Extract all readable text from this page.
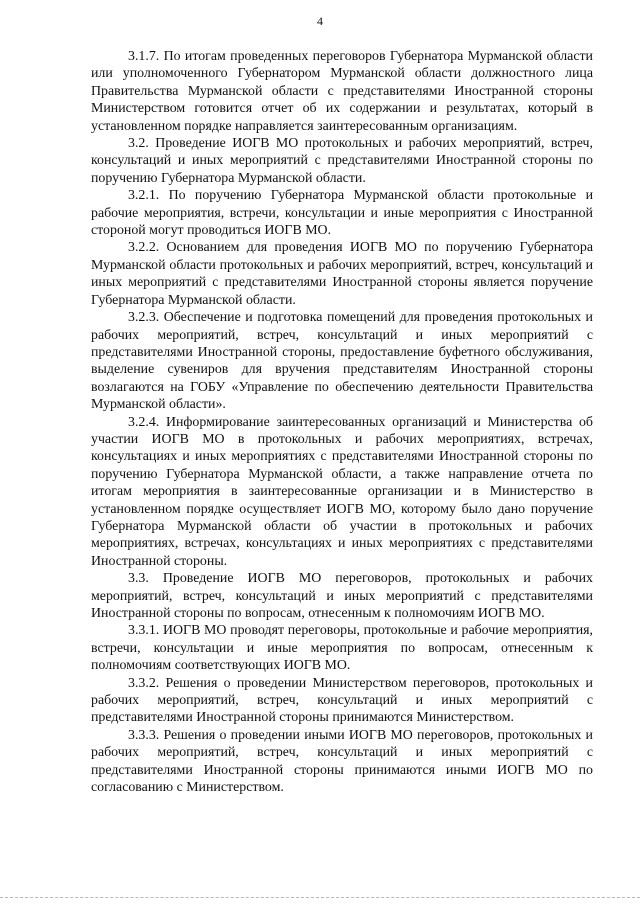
4

3.1.7. По итогам проведенных переговоров Губернатора Мурманской области или уполномоченного Губернатором Мурманской области должностного лица Правительства Мурманской области с представителями Иностранной стороны Министерством готовится отчет об их содержании и результатах, который в установленном порядке направляется заинтересованным организациям.

3.2. Проведение ИОГВ МО протокольных и рабочих мероприятий, встреч, консультаций и иных мероприятий с представителями Иностранной стороны по поручению Губернатора Мурманской области.

3.2.1. По поручению Губернатора Мурманской области протокольные и рабочие мероприятия, встречи, консультации и иные мероприятия с Иностранной стороной могут проводиться ИОГВ МО.

3.2.2. Основанием для проведения ИОГВ МО по поручению Губернатора Мурманской области протокольных и рабочих мероприятий, встреч, консультаций и иных мероприятий с представителями Иностранной стороны является поручение Губернатора Мурманской области.

3.2.3. Обеспечение и подготовка помещений для проведения протокольных и рабочих мероприятий, встреч, консультаций и иных мероприятий с представителями Иностранной стороны, предоставление буфетного обслуживания, выделение сувениров для вручения представителям Иностранной стороны возлагаются на ГОБУ «Управление по обеспечению деятельности Правительства Мурманской области».

3.2.4. Информирование заинтересованных организаций и Министерства об участии ИОГВ МО в протокольных и рабочих мероприятиях, встречах, консультациях и иных мероприятиях с представителями Иностранной стороны по поручению Губернатора Мурманской области, а также направление отчета по итогам мероприятия в заинтересованные организации и в Министерство в установленном порядке осуществляет ИОГВ МО, которому было дано поручение Губернатора Мурманской области об участии в протокольных и рабочих мероприятиях, встречах, консультациях и иных мероприятиях с представителями Иностранной стороны.

3.3. Проведение ИОГВ МО переговоров, протокольных и рабочих мероприятий, встреч, консультаций и иных мероприятий с представителями Иностранной стороны по вопросам, отнесенным к полномочиям ИОГВ МО.

3.3.1. ИОГВ МО проводят переговоры, протокольные и рабочие мероприятия, встречи, консультации и иные мероприятия по вопросам, отнесенным к полномочиям соответствующих ИОГВ МО.

3.3.2. Решения о проведении Министерством переговоров, протокольных и рабочих мероприятий, встреч, консультаций и иных мероприятий с представителями Иностранной стороны принимаются Министерством.

3.3.3. Решения о проведении иными ИОГВ МО переговоров, протокольных и рабочих мероприятий, встреч, консультаций и иных мероприятий с представителями Иностранной стороны принимаются иными ИОГВ МО по согласованию с Министерством.
